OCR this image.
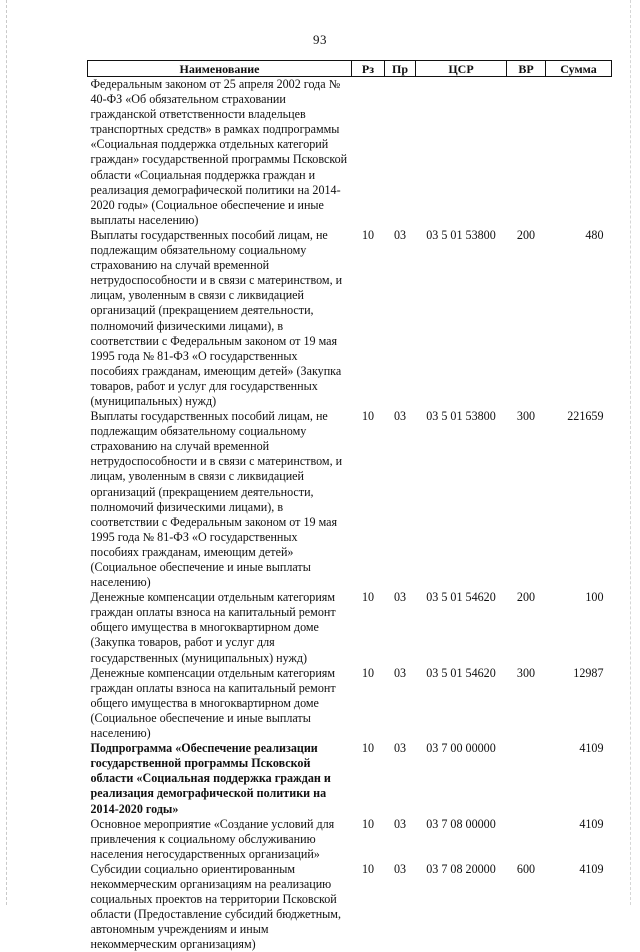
93
Наименование	Рз	Пр	ЦСР	ВР	Сумма
Федеральным законом от 25 апреля 2002 года № 40-ФЗ «Об обязательном страховании гражданской ответственности владельцев транспортных средств» в рамках подпрограммы «Социальная поддержка отдельных категорий граждан» государственной программы Псковской области «Социальная поддержка граждан и реализация демографической политики на 2014-2020 годы» (Социальное обеспечение и иные выплаты населению)					
Выплаты государственных пособий лицам, не подлежащим обязательному социальному страхованию на случай временной нетрудоспособности и в связи с материнством, и лицам, уволенным в связи с ликвидацией организаций (прекращением деятельности, полномочий физическими лицами), в соответствии с Федеральным законом от 19 мая 1995 года № 81-ФЗ «О государственных пособиях гражданам, имеющим детей» (Закупка товаров, работ и услуг для государственных (муниципальных) нужд)	10	03	03 5 01 53800	200	480
Выплаты государственных пособий лицам, не подлежащим обязательному социальному страхованию на случай временной нетрудоспособности и в связи с материнством, и лицам, уволенным в связи с ликвидацией организаций (прекращением деятельности, полномочий физическими лицами), в соответствии с Федеральным законом от 19 мая 1995 года № 81-ФЗ «О государственных пособиях гражданам, имеющим детей» (Социальное обеспечение и иные выплаты населению)	10	03	03 5 01 53800	300	221659
Денежные компенсации отдельным категориям граждан оплаты взноса на капитальный ремонт общего имущества в многоквартирном доме (Закупка товаров, работ и услуг для государственных (муниципальных) нужд)	10	03	03 5 01 54620	200	100
Денежные компенсации отдельным категориям граждан оплаты взноса на капитальный ремонт общего имущества в многоквартирном доме (Социальное обеспечение и иные выплаты населению)	10	03	03 5 01 54620	300	12987
Подпрограмма «Обеспечение реализации государственной программы Псковской области «Социальная поддержка граждан и реализация демографической политики на 2014-2020 годы»	10	03	03 7 00 00000		4109
Основное мероприятие «Создание условий для привлечения к социальному обслуживанию населения негосударственных организаций»	10	03	03 7 08 00000		4109
Субсидии социально ориентированным некоммерческим организациям на реализацию социальных проектов на территории Псковской области (Предоставление субсидий бюджетным, автономным учреждениям и иным некоммерческим организациям)	10	03	03 7 08 20000	600	4109
